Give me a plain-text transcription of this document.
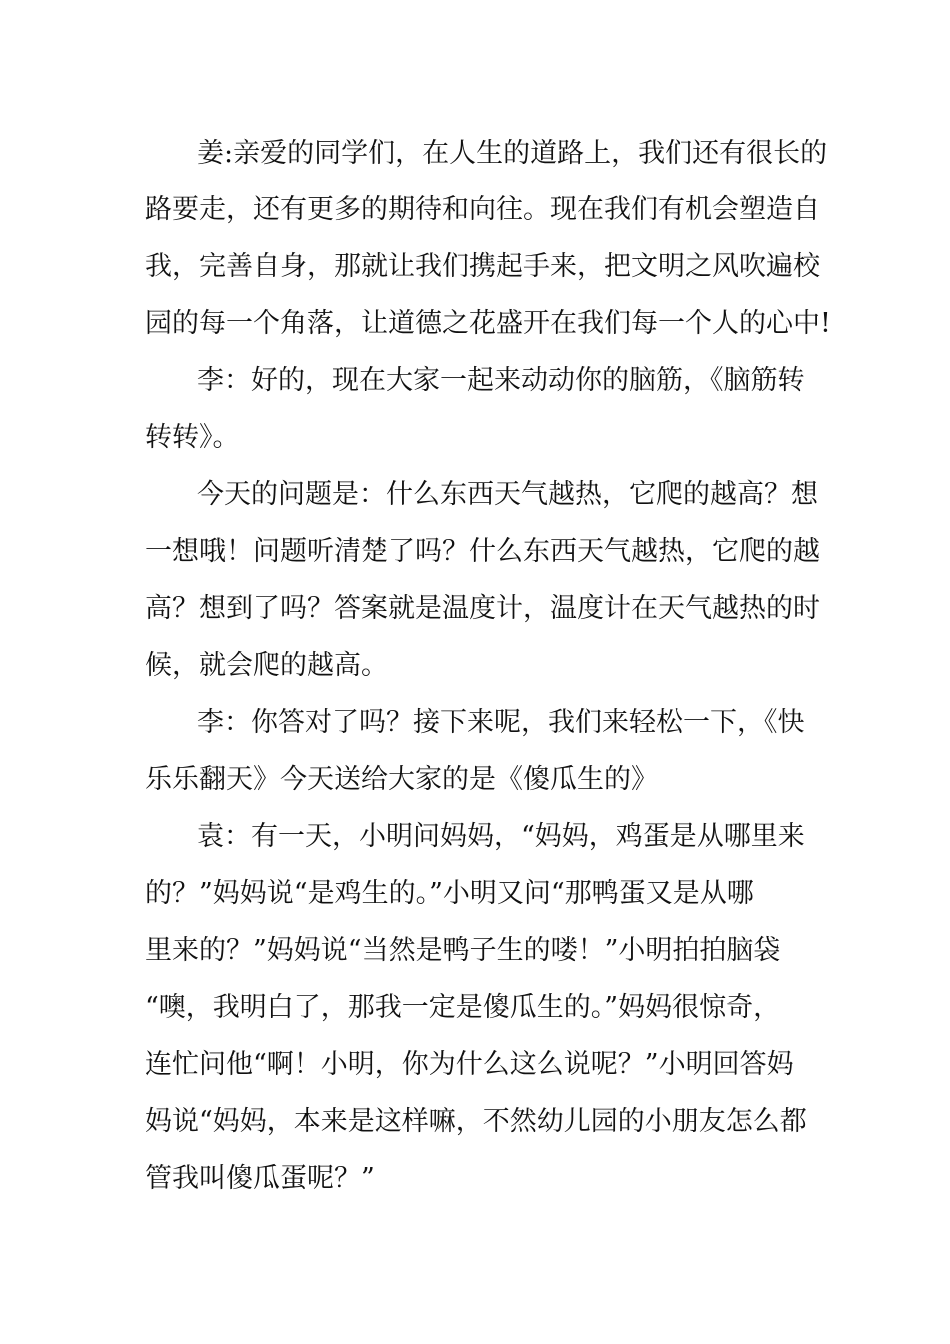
姜:亲爱的同学们，在人生的道路上，我们还有很长的
路要走，还有更多的期待和向往。现在我们有机会塑造自
我，完善自身，那就让我们携起手来，把文明之风吹遍校
园的每一个角落，让道德之花盛开在我们每一个人的心中!
李：好的，现在大家一起来动动你的脑筋，《脑筋转
转转》。
今天的问题是：什么东西天气越热，它爬的越高？想
一想哦！问题听清楚了吗？什么东西天气越热，它爬的越
高？想到了吗？答案就是温度计，温度计在天气越热的时
候，就会爬的越高。
李：你答对了吗？接下来呢，我们来轻松一下，《快
乐乐翻天》今天送给大家的是《傻瓜生的》
袁：有一天，小明问妈妈，“妈妈，鸡蛋是从哪里来
的？”妈妈说“是鸡生的。”小明又问“那鸭蛋又是从哪
里来的？”妈妈说“当然是鸭子生的喽！”小明拍拍脑袋
“噢，我明白了，那我一定是傻瓜生的。”妈妈很惊奇，
连忙问他“啊！小明，你为什么这么说呢？”小明回答妈
妈说“妈妈，本来是这样嘛，不然幼儿园的小朋友怎么都
管我叫傻瓜蛋呢？”
